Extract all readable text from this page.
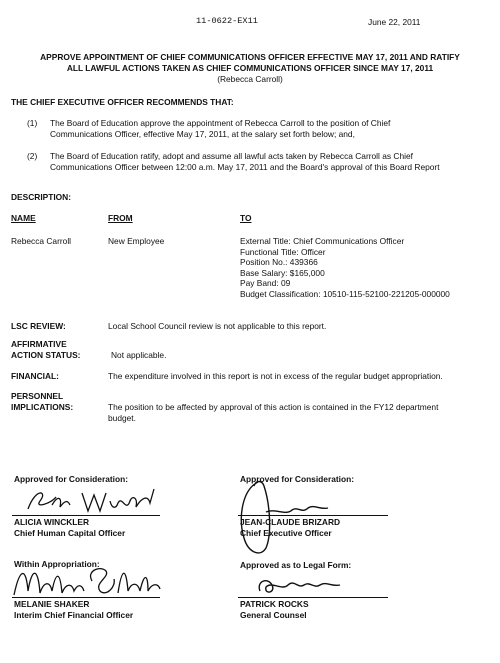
11-0622-EX11	June 22, 2011
APPROVE APPOINTMENT OF CHIEF COMMUNICATIONS OFFICER EFFECTIVE MAY 17, 2011 AND RATIFY
ALL LAWFUL ACTIONS TAKEN AS CHIEF COMMUNICATIONS OFFICER SINCE MAY 17, 2011
(Rebecca Carroll)
THE CHIEF EXECUTIVE OFFICER RECOMMENDS THAT:
(1) The Board of Education approve the appointment of Rebecca Carroll to the position of Chief
Communications Officer, effective May 17, 2011, at the salary set forth below; and,
(2) The Board of Education ratify, adopt and assume all lawful acts taken by Rebecca Carroll as Chief
Communications Officer between 12:00 a.m. May 17, 2011 and the Board's approval of this Board Report
DESCRIPTION:
NAME	FROM	TO
Rebecca Carroll	New Employee	External Title: Chief Communications Officer
Functional Title: Officer
Position No.: 439366
Base Salary: $165,000
Pay Band: 09
Budget Classification: 10510-115-52100-221205-000000
LSC REVIEW:	Local School Council review is not applicable to this report.
AFFIRMATIVE
ACTION STATUS:	Not applicable.
FINANCIAL:	The expenditure involved in this report is not in excess of the regular budget appropriation.
PERSONNEL
IMPLICATIONS:	The position to be affected by approval of this action is contained in the FY12 department
budget.
Approved for Consideration:
ALICIA WINCKLER
Chief Human Capital Officer
Approved for Consideration:
JEAN-CLAUDE BRIZARD
Chief Executive Officer
Within Appropriation:
MELANIE SHAKER
Interim Chief Financial Officer
Approved as to Legal Form:
PATRICK ROCKS
General Counsel
